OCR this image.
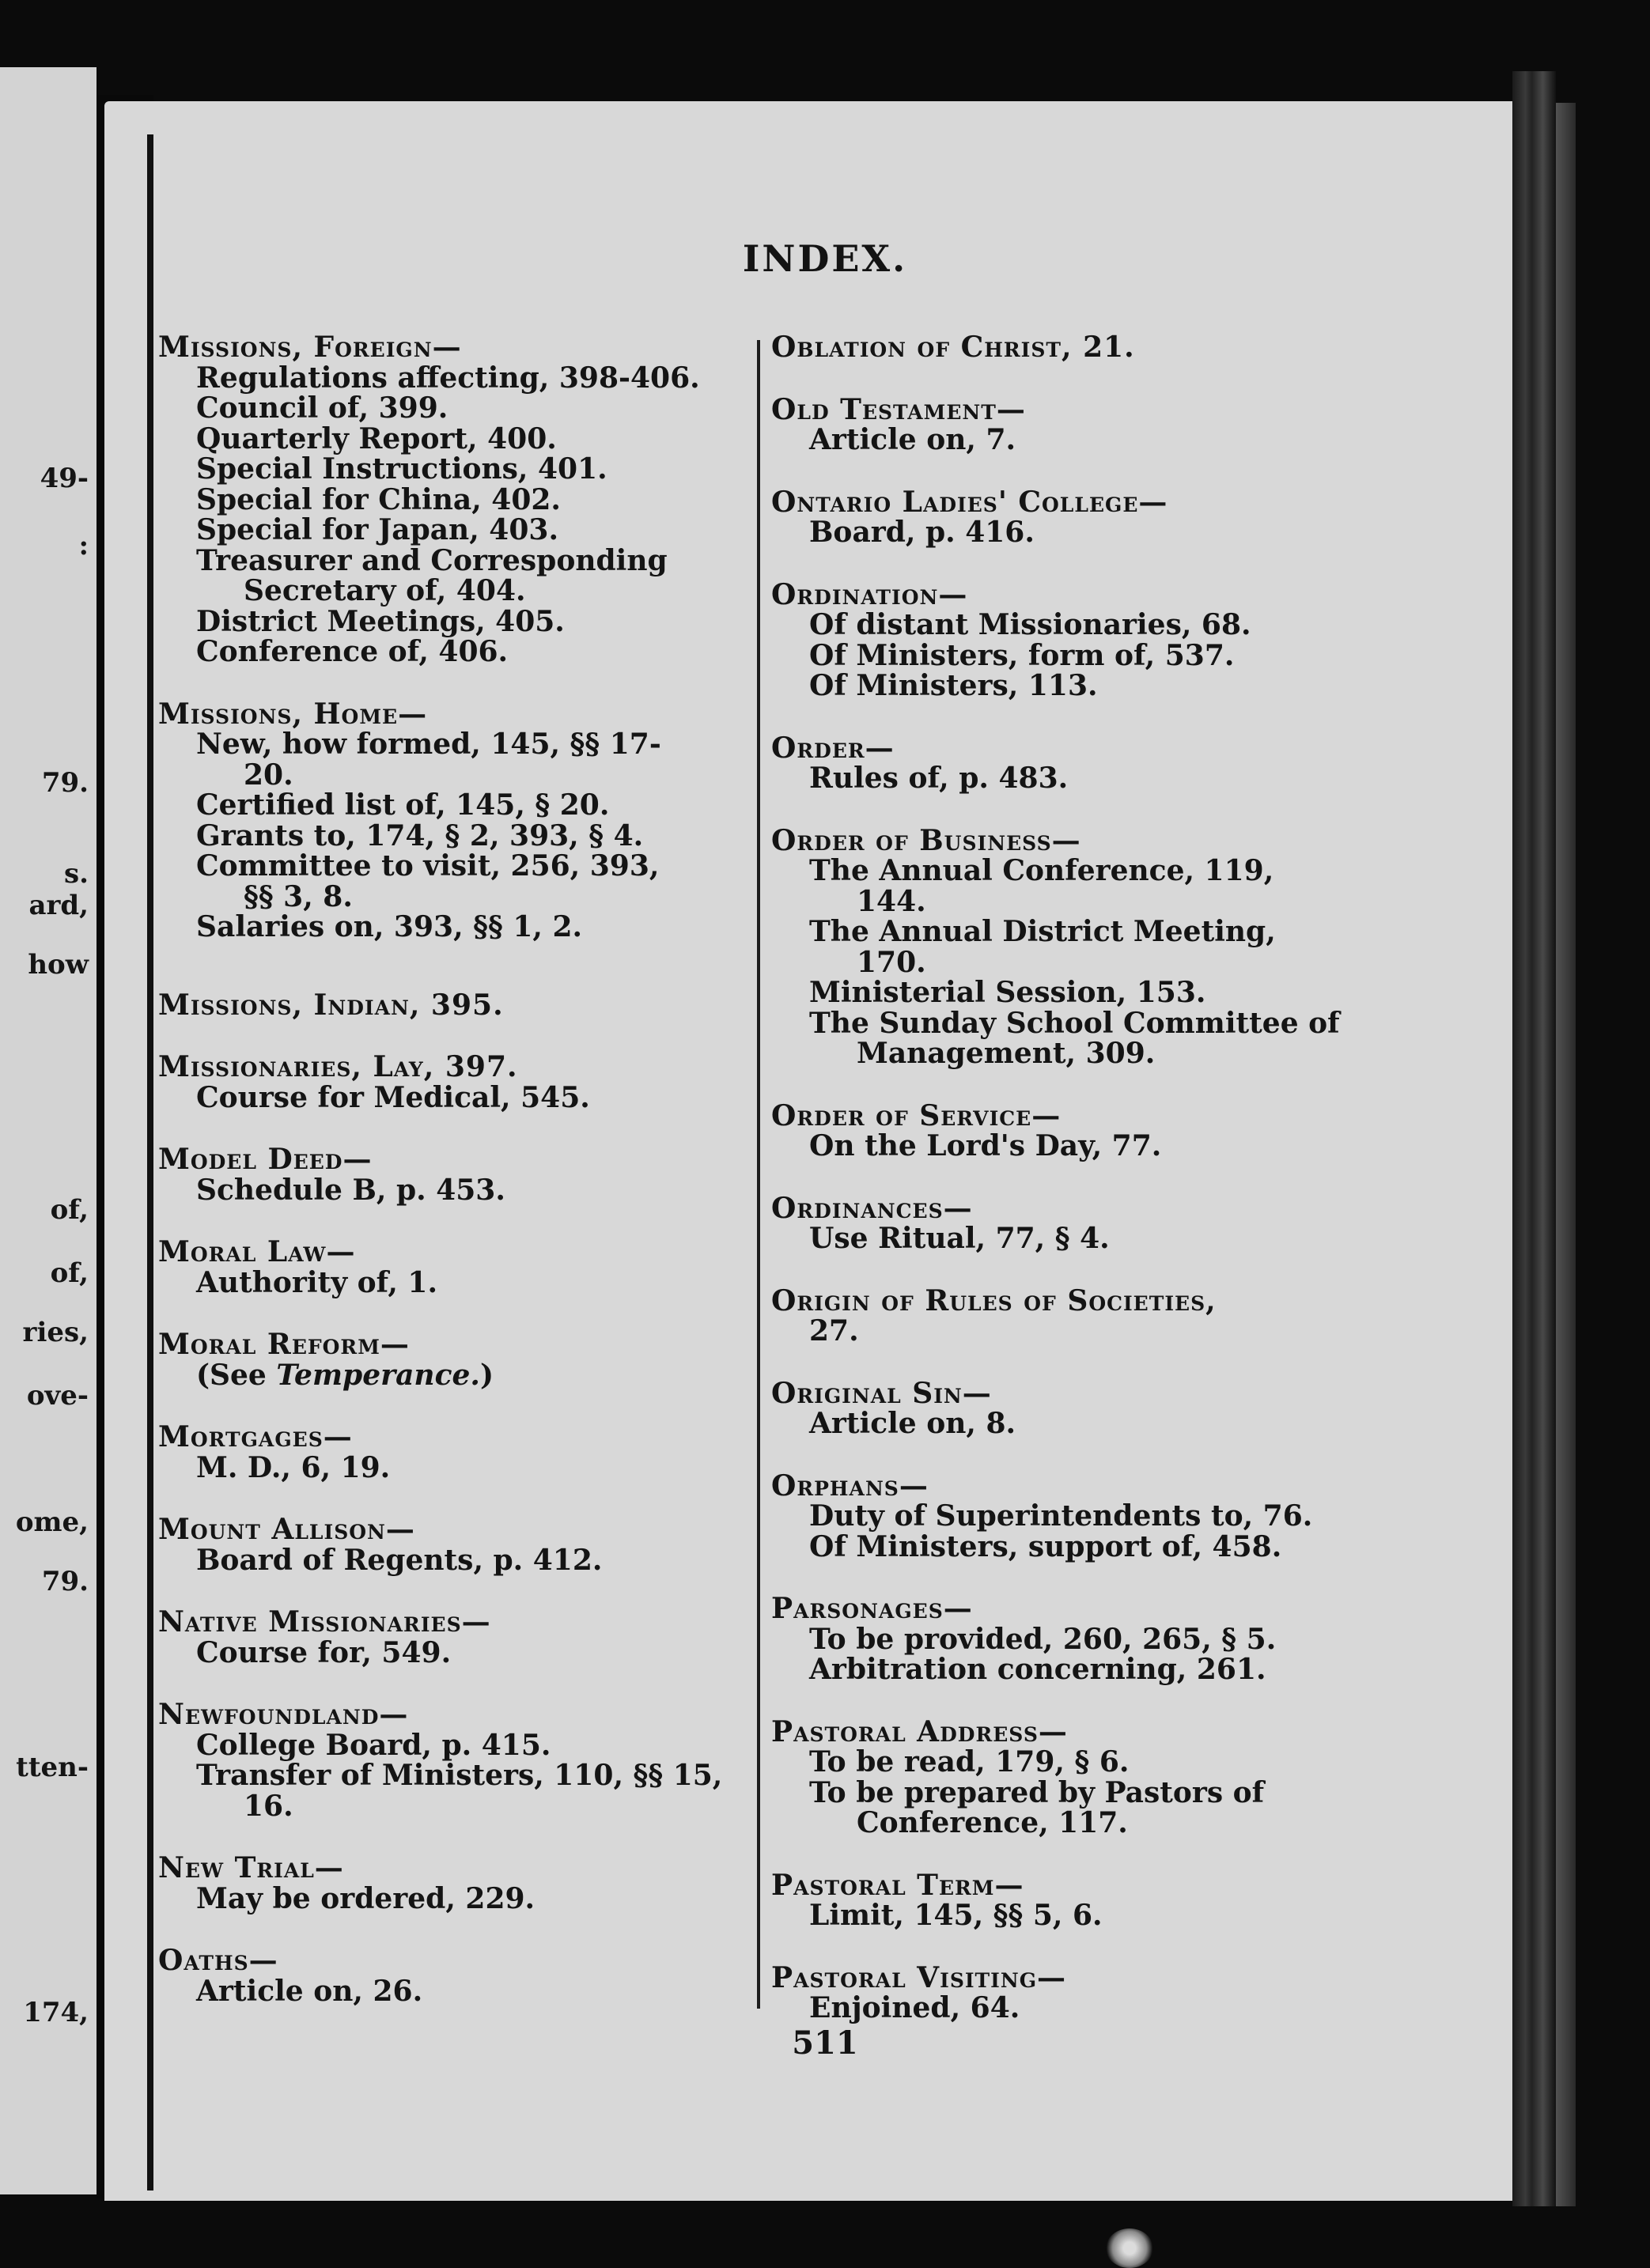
49-
:
79.
s.
ard,
how
of,
of,
ries,
ove-
ome,
79.
tten-
174,
INDEX.
Missions, Foreign—
Regulations affecting, 398-406.
Council of, 399.
Quarterly Report, 400.
Special Instructions, 401.
Special for China, 402.
Special for Japan, 403.
Treasurer and Corresponding
Secretary of, 404.
District Meetings, 405.
Conference of, 406.
Missions, Home—
New, how formed, 145, §§ 17-
20.
Certified list of, 145, § 20.
Grants to, 174, § 2, 393, § 4.
Committee to visit, 256, 393,
§§ 3, 8.
Salaries on, 393, §§ 1, 2.
Missions, Indian, 395.
Missionaries, Lay, 397.
Course for Medical, 545.
Model Deed—
Schedule B, p. 453.
Moral Law—
Authority of, 1.
Moral Reform—
(See Temperance.)
Mortgages—
M. D., 6, 19.
Mount Allison—
Board of Regents, p. 412.
Native Missionaries—
Course for, 549.
Newfoundland—
College Board, p. 415.
Transfer of Ministers, 110, §§ 15,
16.
New Trial—
May be ordered, 229.
Oaths—
Article on, 26.
Oblation of Christ, 21.
Old Testament—
Article on, 7.
Ontario Ladies' College—
Board, p. 416.
Ordination—
Of distant Missionaries, 68.
Of Ministers, form of, 537.
Of Ministers, 113.
Order—
Rules of, p. 483.
Order of Business—
The Annual Conference, 119,
144.
The Annual District Meeting,
170.
Ministerial Session, 153.
The Sunday School Committee of
Management, 309.
Order of Service—
On the Lord's Day, 77.
Ordinances—
Use Ritual, 77, § 4.
Origin of Rules of Societies,
27.
Original Sin—
Article on, 8.
Orphans—
Duty of Superintendents to, 76.
Of Ministers, support of, 458.
Parsonages—
To be provided, 260, 265, § 5.
Arbitration concerning, 261.
Pastoral Address—
To be read, 179, § 6.
To be prepared by Pastors of
Conference, 117.
Pastoral Term—
Limit, 145, §§ 5, 6.
Pastoral Visiting—
Enjoined, 64.
511
